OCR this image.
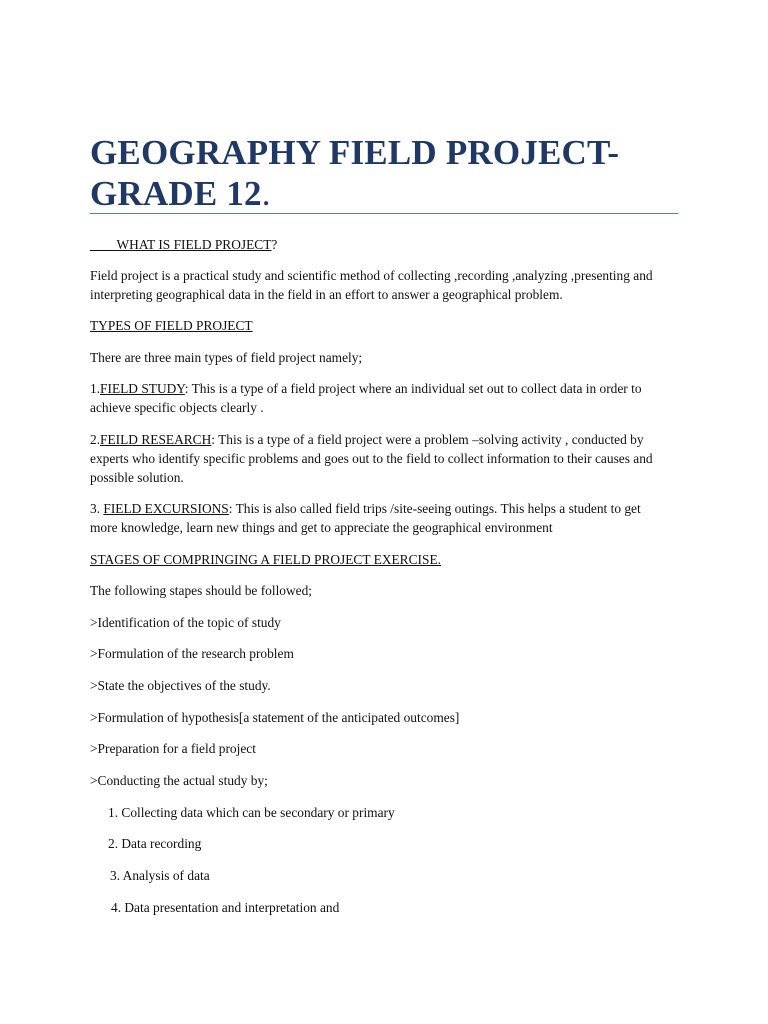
GEOGRAPHY FIELD PROJECT-
GRADE 12.
WHAT IS FIELD PROJECT?
Field project is a practical study and scientific method of collecting ,recording ,analyzing ,presenting and
interpreting geographical data in the field in an effort to answer a geographical problem.
TYPES OF FIELD PROJECT
There are three main types of field project namely;
1.FIELD STUDY: This is a type of a field project where an individual set out to collect data in order to
achieve specific objects clearly .
2.FEILD RESEARCH: This is a type of a field project were a problem –solving activity , conducted by
experts who identify specific problems and goes out to the field to collect information to their causes and
possible solution.
3. FIELD EXCURSIONS: This is also called field trips /site-seeing outings. This helps a student to get
more knowledge, learn new things and get to appreciate the geographical environment
STAGES OF COMPRINGING A FIELD PROJECT EXERCISE.
The following stapes should be followed;
>Identification of the topic of study
>Formulation of the research problem
>State the objectives of the study.
>Formulation of hypothesis[a statement of the anticipated outcomes]
>Preparation for a field project
>Conducting the actual study by;
1. Collecting data which can be secondary or primary
2. Data recording
3. Analysis of data
4. Data presentation and interpretation and
